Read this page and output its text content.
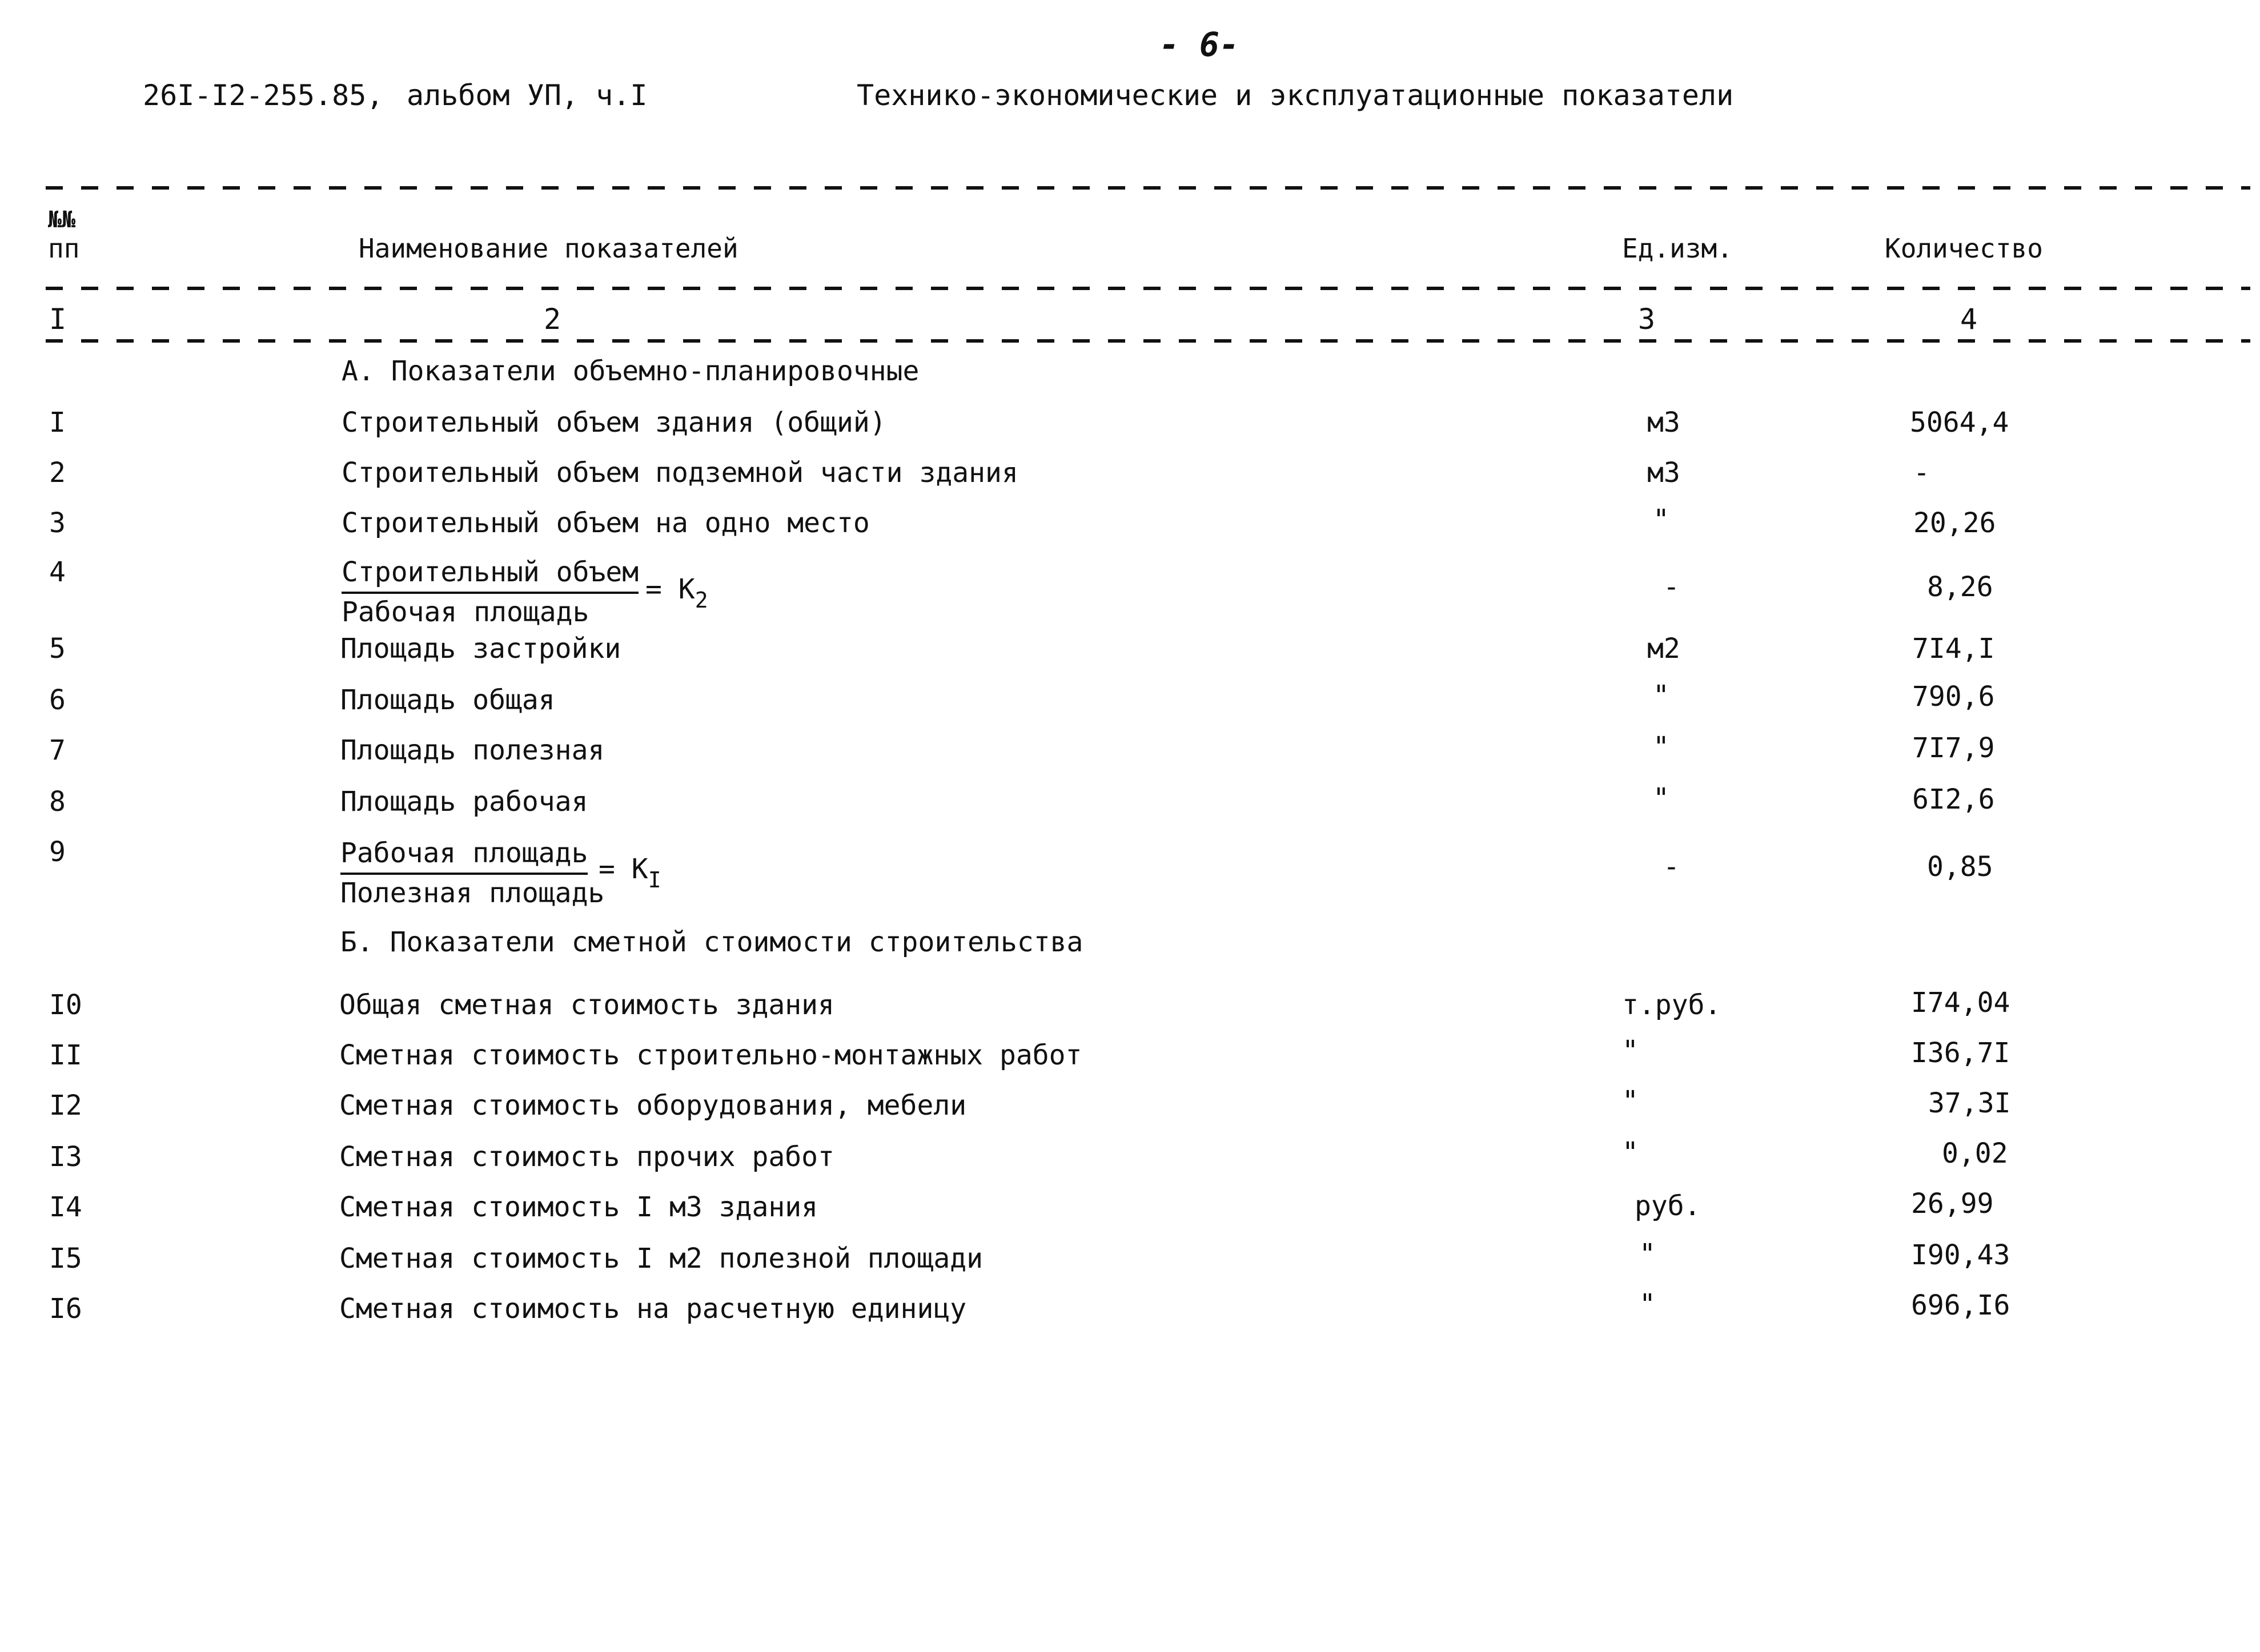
- 6-
26I-I2-255.85, альбом УП, ч.I	Технико-экономические и эксплуатационные показатели
№№
пп	Наименование показателей	Ед.изм.	Количество
I	2	3	4
А. Показатели объемно-планировочные
I	Строительный объем здания (общий)	м3	5064,4
2	Строительный объем подземной части здания	м3	-
3	Строительный объем на одно место	"	20,26
4	Строительный объем
Рабочая площадь
= $K_2$	-	8,26
5	Площадь застройки	м2	7I4,I
6	Площадь общая	"	790,6
7	Площадь полезная	"	7I7,9
8	Площадь рабочая	"	6I2,6
9	Рабочая площадь
Полезная площадь
= $K_I$	-	0,85
Б. Показатели сметной стоимости строительства
I0	Общая сметная стоимость здания	т.руб.	I74,04
II	Сметная стоимость строительно-монтажных работ	"	I36,7I
I2	Сметная стоимость оборудования, мебели	"	37,3I
I3	Сметная стоимость прочих работ	"	0,02
I4	Сметная стоимость I м3 здания	руб.	26,99
I5	Сметная стоимость I м2 полезной площади	"	I90,43
I6	Сметная стоимость на расчетную единицу	"	696,I6
